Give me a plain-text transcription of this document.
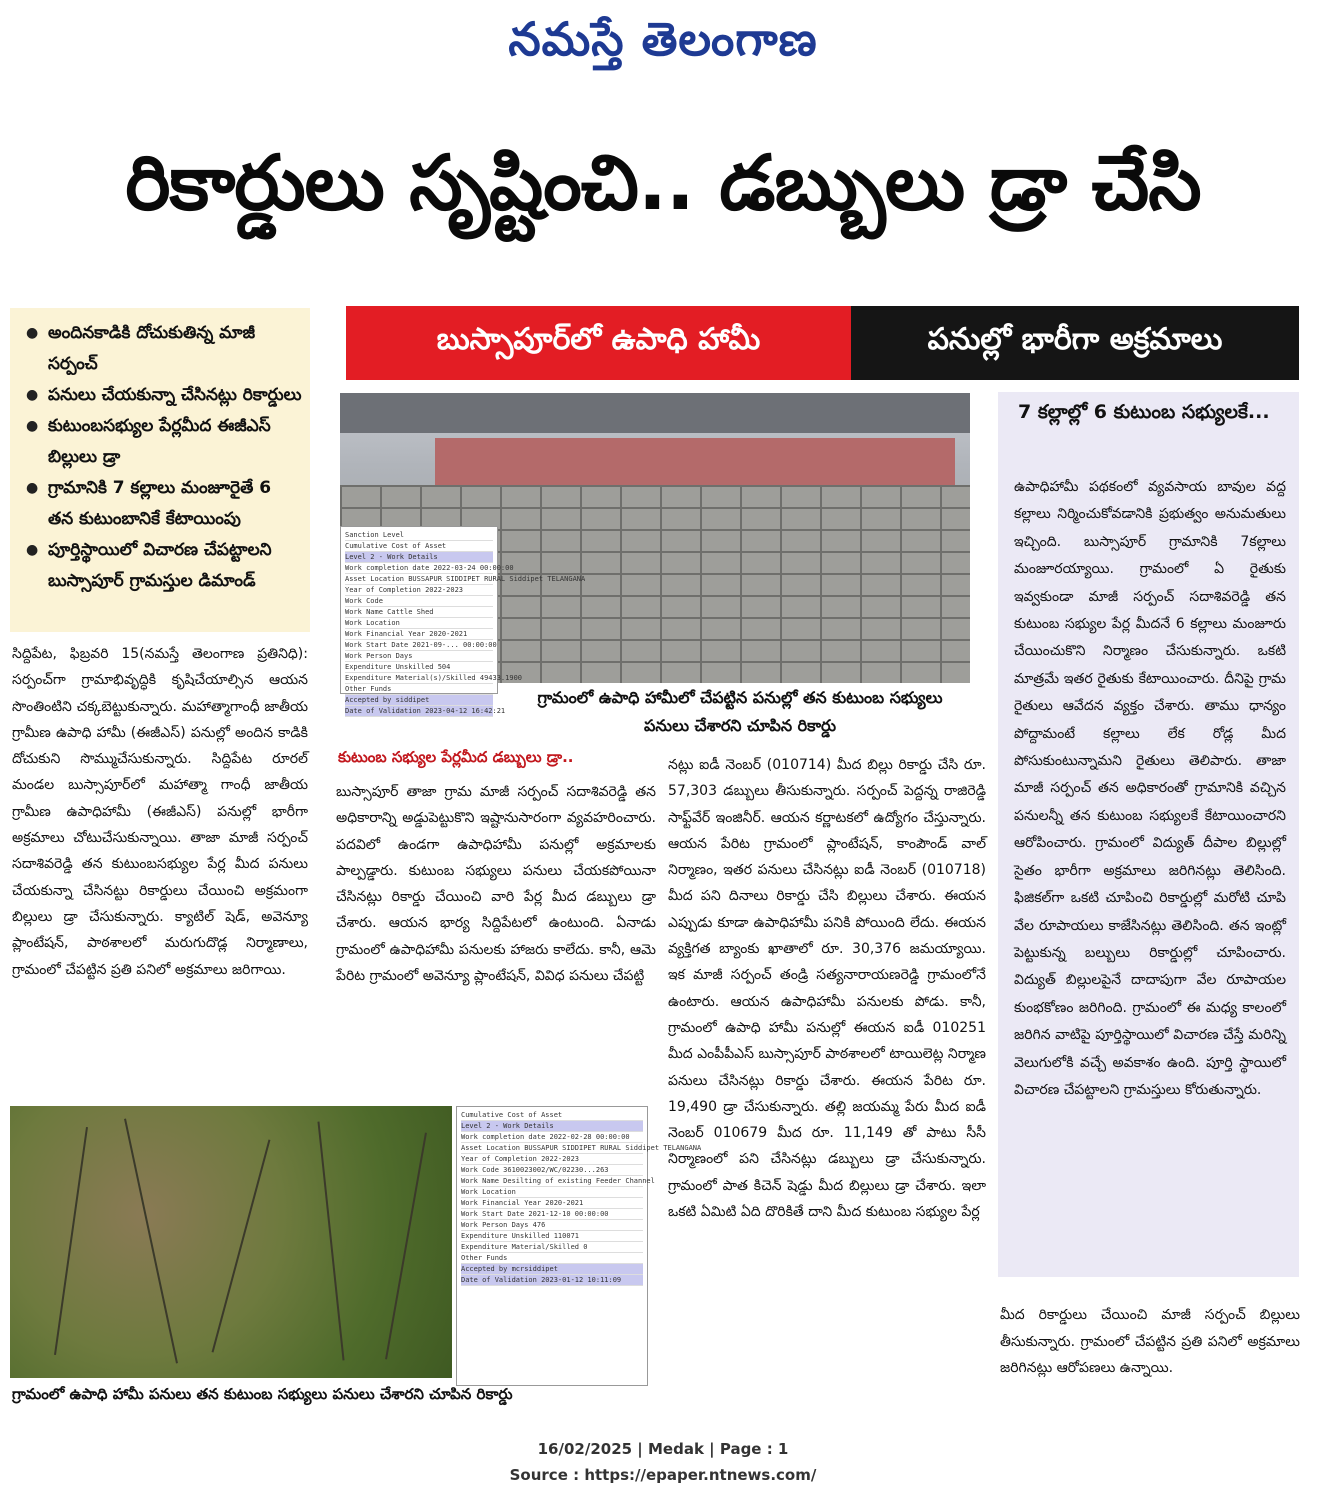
నమస్తే తెలంగాణ
రికార్డులు సృష్టించి.. డబ్బులు డ్రా చేసి
● అందినకాడికి దోచుకుతిన్న మాజీ సర్పంచ్
● పనులు చేయకున్నా చేసినట్లు రికార్డులు
● కుటుంబసభ్యుల పేర్లమీద ఈజీఎస్ బిల్లులు డ్రా
● గ్రామానికి 7 కల్లాలు మంజూరైతే 6 తన కుటుంబానికే కేటాయింపు
● పూర్తిస్థాయిలో విచారణ చేపట్టాలని బుస్సాపూర్ గ్రామస్తుల డిమాండ్
బుస్సాపూర్‌లో ఉపాధి హామీ	పనుల్లో భారీగా అక్రమాలు
Sanction Level
Cumulative Cost of Asset
Level 2 - Work Details
Work completion date 2022-03-24 00:00:00
Asset Location BUSSAPUR SIDDIPET RURAL Siddipet TELANGANA
Year of Completion 2022-2023
Work Code
Work Name Cattle Shed
Work Location
Work Financial Year 2020-2021
Work Start Date 2021-09-... 00:00:00
Work Person Days
Expenditure Unskilled 504
Expenditure Material(s)/Skilled 49433.1900
Other Funds
Accepted by siddipet
Date of Validation 2023-04-12 16:42:21
గ్రామంలో ఉపాధి హామీలో చేపట్టిన పనుల్లో తన కుటుంబ సభ్యులు పనులు చేశారని చూపిన రికార్డు
7 కల్లాల్లో 6 కుటుంబ సభ్యులకే...
ఉపాధిహామీ పథకంలో వ్యవసాయ బావుల వద్ద కల్లాలు నిర్మించుకోవడానికి ప్రభుత్వం అనుమతులు ఇచ్చింది. బుస్సాపూర్ గ్రామానికి 7కల్లాలు మంజూరయ్యాయి. గ్రామంలో ఏ రైతుకు ఇవ్వకుండా మాజీ సర్పంచ్ సదాశివరెడ్డి తన కుటుంబ సభ్యుల పేర్ల మీదనే 6 కల్లాలు మంజూరు చేయించుకొని నిర్మాణం చేసుకున్నారు. ఒకటి మాత్రమే ఇతర రైతుకు కేటాయించారు. దీనిపై గ్రామ రైతులు ఆవేదన వ్యక్తం చేశారు. తాము ధాన్యం పోద్దామంటే కల్లాలు లేక రోడ్ల మీద పోసుకుంటున్నామని రైతులు తెలిపారు. తాజా మాజీ సర్పంచ్ తన అధికారంతో గ్రామానికి వచ్చిన పనులన్నీ తన కుటుంబ సభ్యులకే కేటాయించారని ఆరోపించారు. గ్రామంలో విద్యుత్ దీపాల బిల్లుల్లో సైతం భారీగా అక్రమాలు జరిగినట్లు తెలిసింది. ఫిజికల్‌గా ఒకటి చూపించి రికార్డుల్లో మరోటి చూపి వేల రూపాయలు కాజేసినట్లు తెలిసింది. తన ఇంట్లో పెట్టుకున్న బల్బులు రికార్డుల్లో చూపించారు. విద్యుత్ బిల్లులపైనే దాదాపుగా వేల రూపాయల కుంభకోణం జరిగింది. గ్రామంలో ఈ మధ్య కాలంలో జరిగిన వాటిపై పూర్తిస్థాయిలో విచారణ చేస్తే మరిన్ని వెలుగులోకి వచ్చే అవకాశం ఉంది. పూర్తి స్థాయిలో విచారణ చేపట్టాలని గ్రామస్తులు కోరుతున్నారు.
సిద్దిపేట, ఫిబ్రవరి 15(నమస్తే తెలంగాణ ప్రతినిధి): సర్పంచ్‌గా గ్రామాభివృద్ధికి కృషిచేయాల్సిన ఆయన సొంతింటిని చక్కబెట్టుకున్నారు. మహాత్మాగాంధీ జాతీయ గ్రామీణ ఉపాధి హామీ (ఈజీఎస్) పనుల్లో అందిన కాడికి దోచుకుని సొమ్ముచేసుకున్నారు. సిద్దిపేట రూరల్ మండల బుస్సాపూర్‌లో మహాత్మా గాంధీ జాతీయ గ్రామీణ ఉపాధిహామీ (ఈజీఎస్) పనుల్లో భారీగా అక్రమాలు చోటుచేసుకున్నాయి. తాజా మాజీ సర్పంచ్ సదాశివరెడ్డి తన కుటుంబసభ్యుల పేర్ల మీద పనులు చేయకున్నా చేసినట్టు రికార్డులు చేయించి అక్రమంగా బిల్లులు డ్రా చేసుకున్నారు. క్యాటిల్ షెడ్, అవెన్యూ ప్లాంటేషన్, పాఠశాలలో మరుగుదొడ్ల నిర్మాణాలు, గ్రామంలో చేపట్టిన ప్రతి పనిలో అక్రమాలు జరిగాయి.
కుటుంబ సభ్యుల పేర్లమీద డబ్బులు డ్రా..
బుస్సాపూర్ తాజా గ్రామ మాజీ సర్పంచ్ సదాశివరెడ్డి తన అధికారాన్ని అడ్డుపెట్టుకొని ఇష్టానుసారంగా వ్యవహరించారు. పదవిలో ఉండగా ఉపాధిహామీ పనుల్లో అక్రమాలకు పాల్పడ్డారు. కుటుంబ సభ్యులు పనులు చేయకపోయినా చేసినట్లు రికార్డు చేయించి వారి పేర్ల మీద డబ్బులు డ్రా చేశారు. ఆయన భార్య సిద్దిపేటలో ఉంటుంది. ఏనాడు గ్రామంలో ఉపాధిహామీ పనులకు హాజరు కాలేదు. కానీ, ఆమె పేరిట గ్రామంలో అవెన్యూ ప్లాంటేషన్, వివిధ పనులు చేపట్టి
నట్లు ఐడీ నెంబర్ (010714) మీద బిల్లు రికార్డు చేసి రూ. 57,303 డబ్బులు తీసుకున్నారు. సర్పంచ్ పెద్దన్న రాజిరెడ్డి సాఫ్ట్‌వేర్ ఇంజినీర్. ఆయన కర్ణాటకలో ఉద్యోగం చేస్తున్నారు. ఆయన పేరిట గ్రామంలో ప్లాంటేషన్, కాంపౌండ్ వాల్ నిర్మాణం, ఇతర పనులు చేసినట్లు ఐడీ నెంబర్ (010718) మీద పని దినాలు రికార్డు చేసి బిల్లులు చేశారు. ఈయన ఎప్పుడు కూడా ఉపాధిహామీ పనికి పోయింది లేదు. ఈయన వ్యక్తిగత బ్యాంకు ఖాతాలో రూ. 30,376 జమయ్యాయి. ఇక మాజీ సర్పంచ్ తండ్రి సత్యనారాయణరెడ్డి గ్రామంలోనే ఉంటారు. ఆయన ఉపాధిహామీ పనులకు పోడు. కానీ, గ్రామంలో ఉపాధి హామీ పనుల్లో ఈయన ఐడీ 010251 మీద ఎంపీపీఎస్ బుస్సాపూర్ పాఠశాలలో టాయిలెట్ల నిర్మాణ పనులు చేసినట్లు రికార్డు చేశారు. ఈయన పేరిట రూ. 19,490 డ్రా చేసుకున్నారు. తల్లి జయమ్మ పేరు మీద ఐడీ నెంబర్ 010679 మీద రూ. 11,149 తో పాటు సీసీ నిర్మాణంలో పని చేసినట్లు డబ్బులు డ్రా చేసుకున్నారు. గ్రామంలో పాత కిచెన్ షెడ్డు మీద బిల్లులు డ్రా చేశారు. ఇలా ఒకటి ఏమిటి ఏది దొరికితే దాని మీద కుటుంబ సభ్యుల పేర్ల
మీద రికార్డులు చేయించి మాజీ సర్పంచ్ బిల్లులు తీసుకున్నారు. గ్రామంలో చేపట్టిన ప్రతి పనిలో అక్రమాలు జరిగినట్లు ఆరోపణలు ఉన్నాయి.
Cumulative Cost of Asset
Level 2 - Work Details
Work completion date 2022-02-28 00:00:00
Asset Location BUSSAPUR SIDDIPET RURAL Siddipet TELANGANA
Year of Completion 2022-2023
Work Code 3610023002/WC/02230...263
Work Name Desilting of existing Feeder Channel
Work Location
Work Financial Year 2020-2021
Work Start Date 2021-12-10 00:00:00
Work Person Days 476
Expenditure Unskilled 110071
Expenditure Material/Skilled 0
Other Funds
Accepted by mcrsiddipet
Date of Validation 2023-01-12 10:11:09
గ్రామంలో ఉపాధి హామీ పనులు తన కుటుంబ సభ్యులు పనులు చేశారని చూపిన రికార్డు
16/02/2025 | Medak | Page : 1
Source : https://epaper.ntnews.com/
